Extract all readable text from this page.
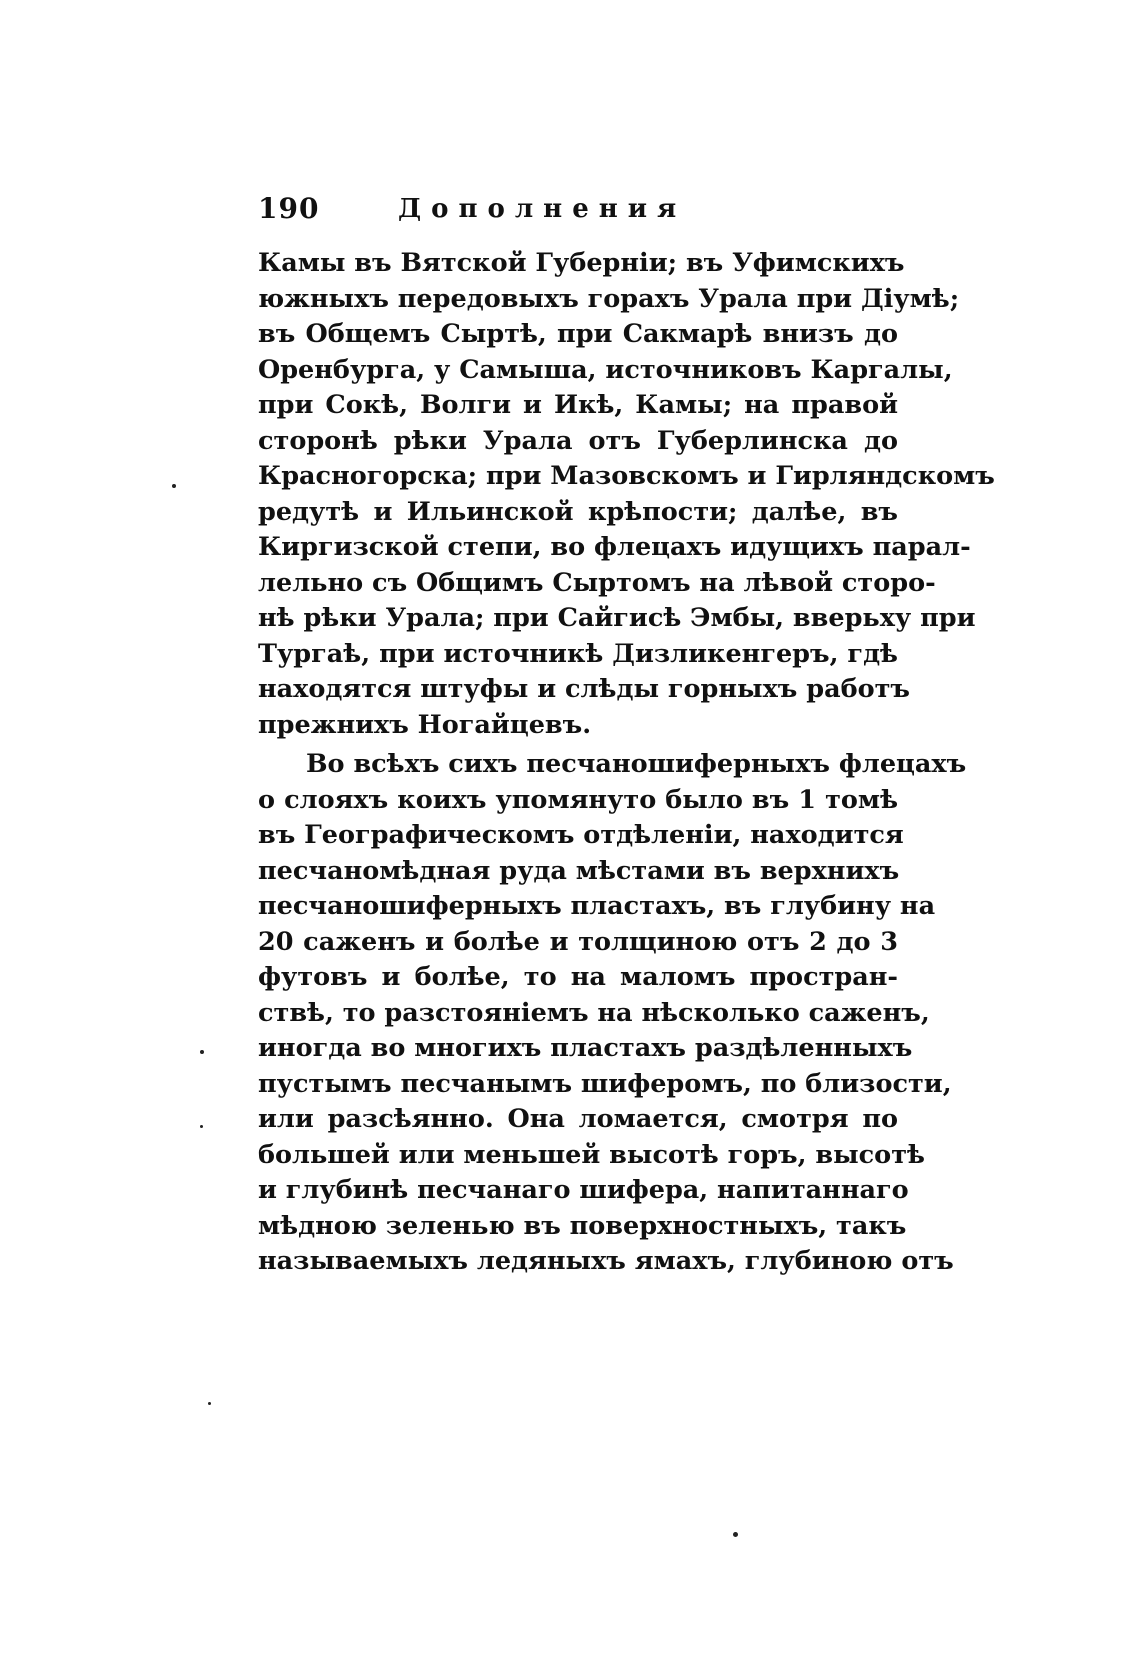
190	Дополнения
Камы въ Вятской Губерніи; въ Уфимскихъ
южныхъ передовыхъ горахъ Урала при Діумѣ;
въ Общемъ Сыртѣ, при Сакмарѣ внизъ до
Оренбурга, у Самыша, источниковъ Каргалы,
при Сокѣ, Волги и Икѣ, Камы; на правой
сторонѣ рѣки Урала отъ Губерлинска до
Красногорска; при Мазовскомъ и Гирляндскомъ
редутѣ и Ильинской крѣпости; далѣе, въ
Киргизской степи, во флецахъ идущихъ парал-
лельно съ Общимъ Сыртомъ на лѣвой сторо-
нѣ рѣки Урала; при Сайгисѣ Эмбы, вверьху при
Тургаѣ, при источникѣ Дизликенгеръ, гдѣ
находятся штуфы и слѣды горныхъ работъ
прежнихъ Ногайцевъ.
Во всѣхъ сихъ песчаношиферныхъ флецахъ
о слояхъ коихъ упомянуто было въ 1 томѣ
въ Географическомъ отдѣленіи, находится
песчаномѣдная руда мѣстами въ верхнихъ
песчаношиферныхъ пластахъ, въ глубину на
20 саженъ и болѣе и толщиною отъ 2 до 3
футовъ и болѣе, то на маломъ простран-
ствѣ, то разстояніемъ на нѣсколько саженъ,
иногда во многихъ пластахъ раздѣленныхъ
пустымъ песчанымъ шиферомъ, по близости,
или разсѣянно. Она ломается, смотря по
большей или меньшей высотѣ горъ, высотѣ
и глубинѣ песчанаго шифера, напитаннаго
мѣдною зеленью въ поверхностныхъ, такъ
называемыхъ ледяныхъ ямахъ, глубиною отъ
